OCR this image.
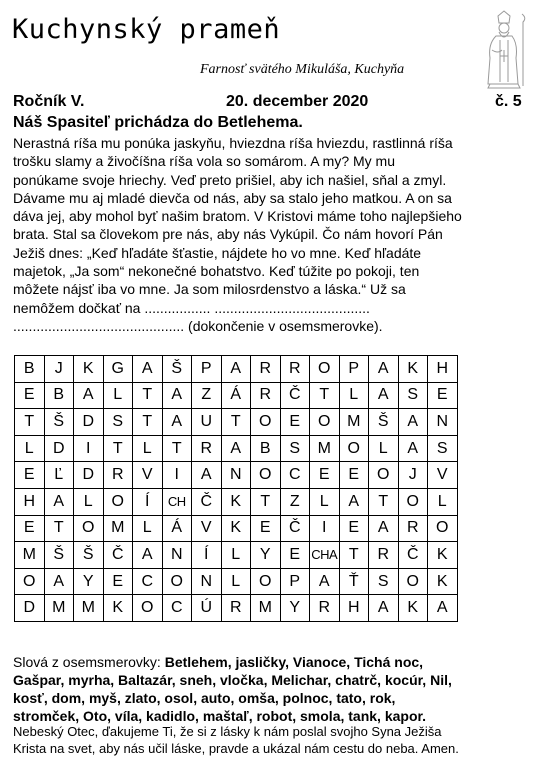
Kuchynský prameň
Farnosť svätého Mikuláša, Kuchyňa
Ročník V.	20. december 2020	č. 5
Náš Spasiteľ prichádza do Betlehema.
Nerastná ríša mu ponúka jaskyňu, hviezdna ríša hviezdu, rastlinná ríša
trošku slamy a živočíšna ríša vola so somárom. A my? My mu
ponúkame svoje hriechy. Veď preto prišiel, aby ich našiel, sňal a zmyl.
Dávame mu aj mladé dievča od nás, aby sa stalo jeho matkou. A on sa
dáva jej, aby mohol byť našim bratom. V Kristovi máme toho najlepšieho
brata. Stal sa človekom pre nás, aby nás Vykúpil. Čo nám hovorí Pán
Ježiš dnes: „Keď hľadáte šťastie, nájdete ho vo mne. Keď hľadáte
majetok, „Ja som“ nekonečné bohatstvo. Keď túžite po pokoji, ten
môžete nájsť iba vo mne. Ja som milosrdenstvo a láska.“ Už sa
nemôžem dočkať na ................. ........................................
............................................ (dokončenie v osemsmerovke).
B	J	K	G	A	Š	P	A	R	R	O	P	A	K	H
E	B	A	L	T	A	Z	Á	R	Č	T	L	A	S	E
T	Š	D	S	T	A	U	T	O	E	O	M	Š	A	N
L	D	I	T	L	T	R	A	B	S	M	O	L	A	S
E	Ľ	D	R	V	I	A	N	O	C	E	E	O	J	V
H	A	L	O	Í	CH	Č	K	T	Z	L	A	T	O	L
E	T	O	M	L	Á	V	K	E	Č	I	E	A	R	O
M	Š	Š	Č	A	N	Í	L	Y	E	CHA	T	R	Č	K
O	A	Y	E	C	O	N	L	O	P	A	Ť	S	O	K
D	M	M	K	O	C	Ú	R	M	Y	R	H	A	K	A
Slová z osemsmerovky: Betlehem, jasličky, Vianoce, Tichá noc,
Gašpar, myrha, Baltazár, sneh, vločka, Melichar, chatrč, kocúr, Nil,
kosť, dom, myš, zlato, osol, auto, omša, polnoc, tato, rok,
stromček, Oto, víla, kadidlo, maštaľ, robot, smola, tank, kapor.
Nebeský Otec, ďakujeme Ti, že si z lásky k nám poslal svojho Syna Ježiša
Krista na svet, aby nás učil láske, pravde a ukázal nám cestu do neba. Amen.
